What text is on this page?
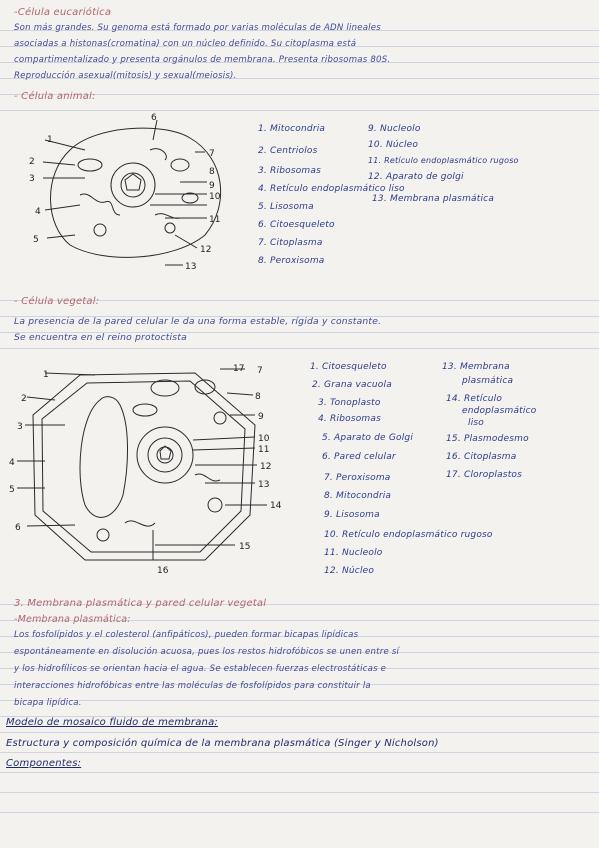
-Célula eucariótica
Son más grandes. Su genoma está formado por varias moléculas de ADN lineales
asociadas a histonas(cromatina) con un núcleo definido. Su citoplasma está
compartimentalizado y presenta orgánulos de membrana. Presenta ribosomas 80S.
Reproducción asexual(mitosis) y sexual(meiosis).
- Célula animal:
1
2
3
4
5
6
7
8
9
10
11
12
13
1. Mitocondria
2. Centriolos
3. Ribosomas
4. Retículo endoplasmático liso
5. Lisosoma
6. Citoesqueleto
7. Citoplasma
8. Peroxisoma
9. Nucleolo
10. Núcleo
11. Retículo endoplasmático rugoso
12. Aparato de golgi
13. Membrana plasmática
- Célula vegetal:
La presencia de la pared celular le da una forma estable, rígida y constante.
Se encuentra en el reino protoctista
1
2
3
4
5
6
7
8
9
10
11
12
13
14
15
16
17	1. Citoesqueleto
2. Grana vacuola
3. Tonoplasto
4. Ribosomas
5. Aparato de Golgi
6. Pared celular
7. Peroxisoma
8. Mitocondria
9. Lisosoma
10. Retículo endoplasmático rugoso
11. Nucleolo
12. Núcleo
13. Membrana
plasmática
14. Retículo
endoplasmático
liso
15. Plasmodesmo
16. Citoplasma
17. Cloroplastos
3. Membrana plasmática y pared celular vegetal
-Membrana plasmática:
Los fosfolípidos y el colesterol (anfipáticos), pueden formar bicapas lipídicas
espontáneamente en disolución acuosa, pues los restos hidrofóbicos se unen entre sí
y los hidrofílicos se orientan hacia el agua. Se establecen fuerzas electrostáticas e
interacciones hidrofóbicas entre las moléculas de fosfolípidos para constituir la
bicapa lipídica.
Modelo de mosaico fluido de membrana:
Estructura y composición química de la membrana plasmática (Singer y Nicholson)
Componentes:
